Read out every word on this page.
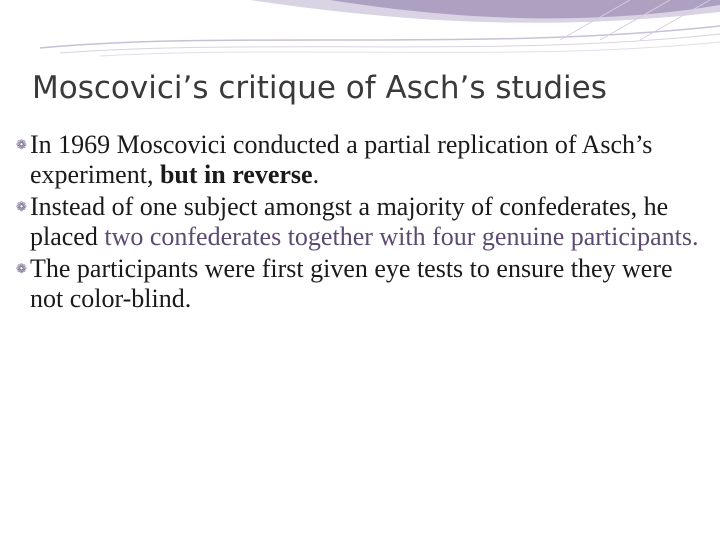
Moscovici’s critique of Asch’s studies
❁ In 1969 Moscovici conducted a partial replication of Asch’s experiment, but in reverse.
❁ Instead of one subject amongst a majority of confederates, he placed two confederates together with four genuine participants.
❁ The participants were first given eye tests to ensure they were not color-blind.
